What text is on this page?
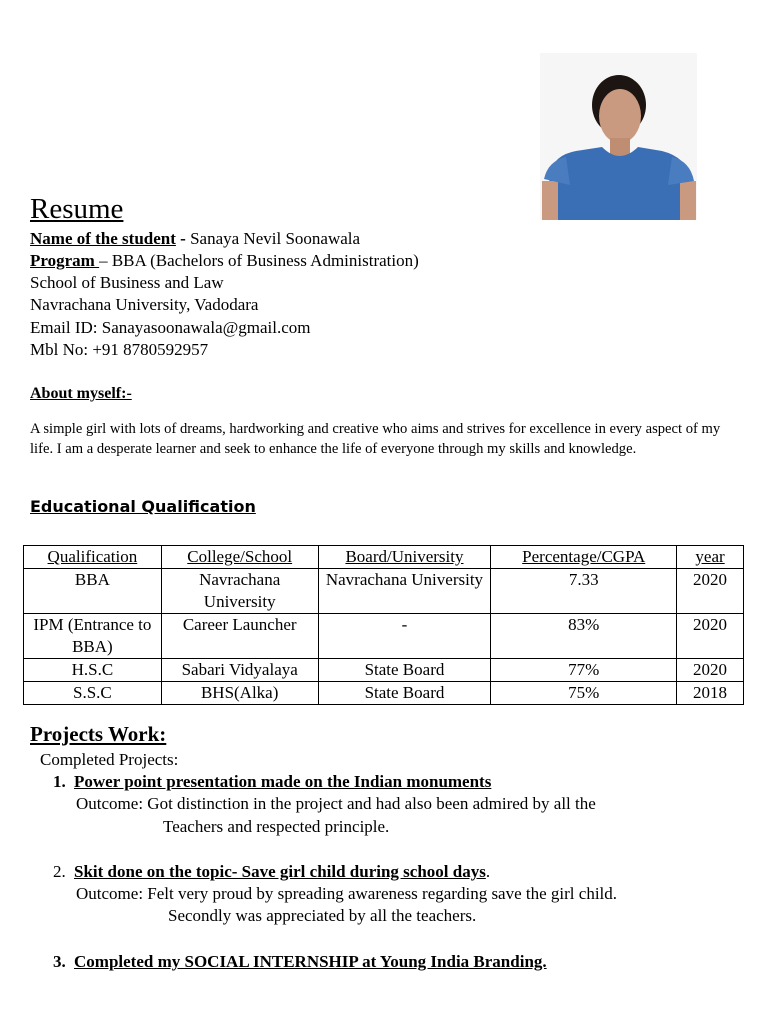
Resume
Name of the student - Sanaya Nevil Soonawala
Program – BBA (Bachelors of Business Administration)
School of Business and Law
Navrachana University, Vadodara
Email ID: Sanayasoonawala@gmail.com
Mbl No: +91 8780592957
About myself:-
A simple girl with lots of dreams, hardworking and creative who aims and strives for excellence in every aspect of my life. I am a desperate learner and seek to enhance the life of everyone through my skills and knowledge.
Educational Qualification
Qualification	College/School	Board/University	Percentage/CGPA	year
BBA	Navrachana University	Navrachana University	7.33	2020
IPM (Entrance to BBA)	Career Launcher	-	83%	2020
H.S.C	Sabari Vidyalaya	State Board	77%	2020
S.S.C	BHS(Alka)	State Board	75%	2018
Projects Work:
Completed Projects:
1. Power point presentation made on the Indian monuments
Outcome: Got distinction in the project and had also been admired by all the
Teachers and respected principle.
2. Skit done on the topic- Save girl child during school days.
Outcome: Felt very proud by spreading awareness regarding save the girl child.
Secondly was appreciated by all the teachers.
3. Completed my SOCIAL INTERNSHIP at Young India Branding.
